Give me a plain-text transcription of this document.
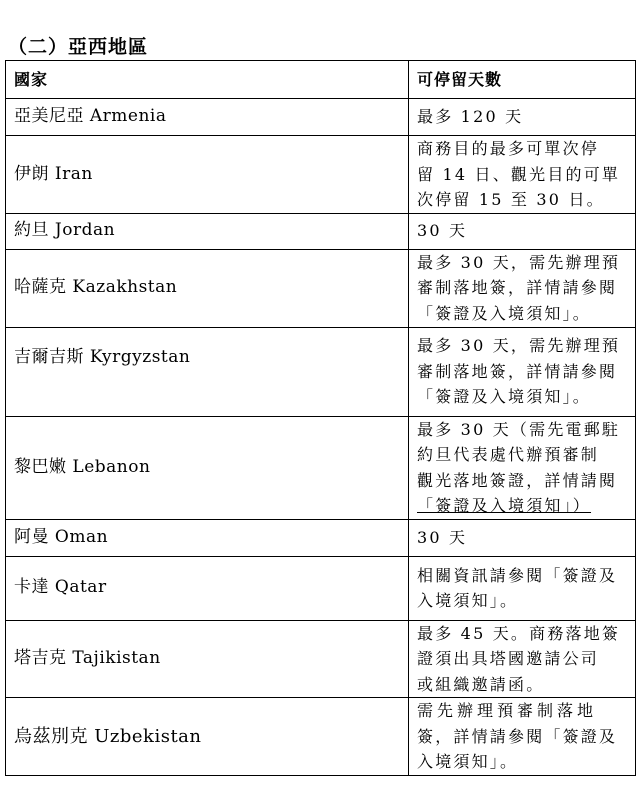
（二）亞西地區
國家	可停留天數
亞美尼亞 Armenia	最多 120 天

伊朗 Iran	商務目的最多可單次停
留 14 日、觀光目的可單
次停留 15 至 30 日。

約旦 Jordan	30 天

哈薩克 Kazakhstan	最多 30 天，需先辦理預
審制落地簽，詳情請參閱
「簽證及入境須知」。

吉爾吉斯 Kyrgyzstan	最多 30 天，需先辦理預
審制落地簽，詳情請參閱
「簽證及入境須知」。

黎巴嫩 Lebanon	最多 30 天（需先電郵駐
約旦代表處代辦預審制
觀光落地簽證，詳情請閱
「簽證及入境須知」）

阿曼 Oman	30 天

卡達 Qatar	相關資訊請參閱「簽證及
入境須知」。

塔吉克 Tajikistan	最多 45 天。商務落地簽
證須出具塔國邀請公司
或組織邀請函。

烏茲別克 Uzbekistan	需先辦理預審制落地
簽，詳情請參閱「簽證及
入境須知」。
